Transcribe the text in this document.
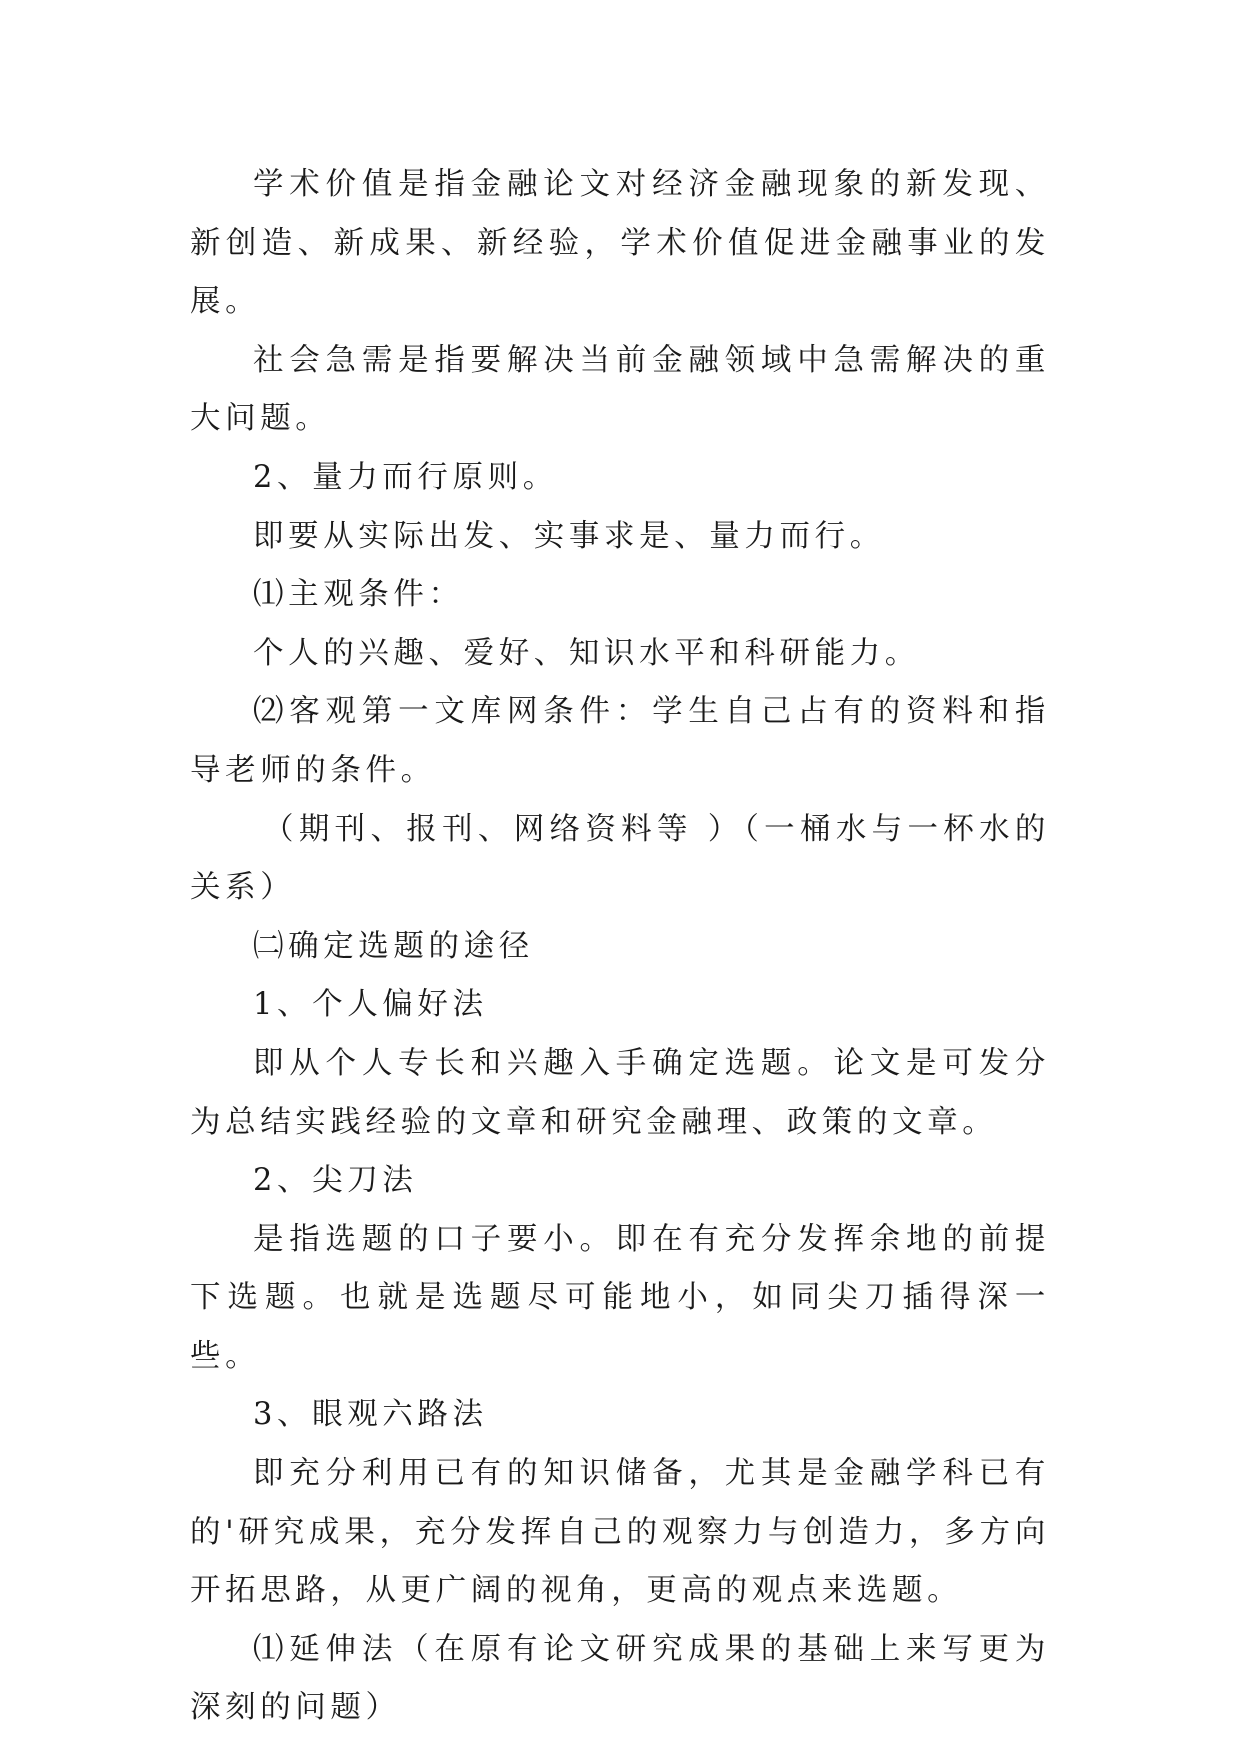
学术价值是指金融论文对经济金融现象的新发现、新创造、新成果、新经验，学术价值促进金融事业的发展。

社会急需是指要解决当前金融领域中急需解决的重大问题。

2、量力而行原则。

即要从实际出发、实事求是、量力而行。

⑴主观条件：

个人的兴趣、爱好、知识水平和科研能力。

⑵客观第一文库网条件：学生自己占有的资料和指导老师的条件。

（期刊、报刊、网络资料等 ）（一桶水与一杯水的关系）

㈡确定选题的途径

1、个人偏好法

即从个人专长和兴趣入手确定选题。论文是可发分为总结实践经验的文章和研究金融理、政策的文章。

2、尖刀法

是指选题的口子要小。即在有充分发挥余地的前提下选题。也就是选题尽可能地小，如同尖刀插得深一些。

3、眼观六路法

即充分利用已有的知识储备，尤其是金融学科已有的'研究成果，充分发挥自己的观察力与创造力，多方向开拓思路，从更广阔的视角，更高的观点来选题。

⑴延伸法（在原有论文研究成果的基础上来写更为深刻的问题）
